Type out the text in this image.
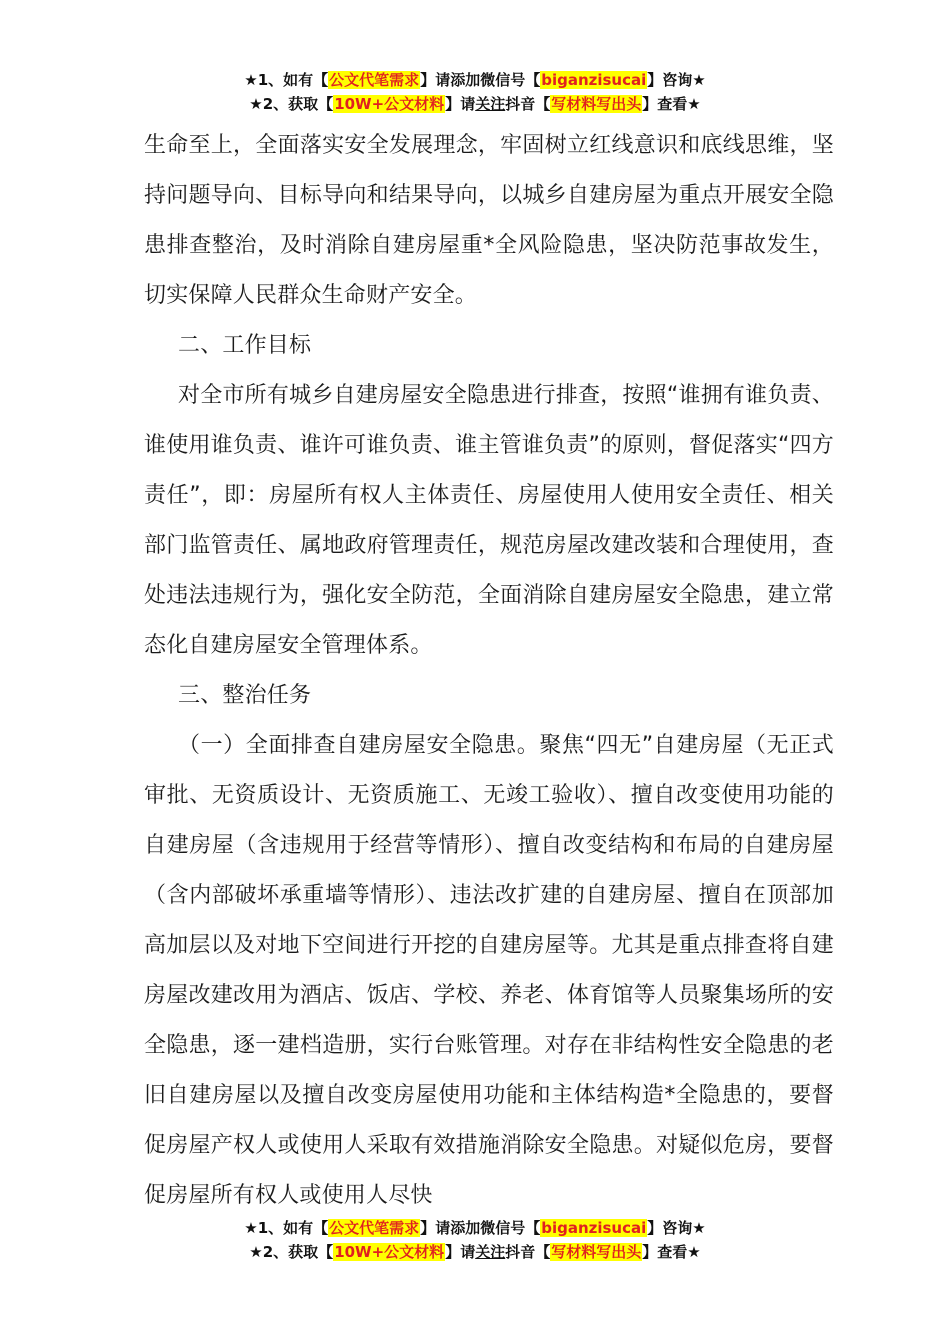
★1、如有【公文代笔需求】请添加微信号【biganzisucai】咨询★
★2、获取【10W+公文材料】请关注抖音【写材料写出头】查看★

生命至上，全面落实安全发展理念，牢固树立红线意识和底线思维，坚持问题导向、目标导向和结果导向，以城乡自建房屋为重点开展安全隐患排查整治，及时消除自建房屋重*全风险隐患，坚决防范事故发生，切实保障人民群众生命财产安全。

二、工作目标

对全市所有城乡自建房屋安全隐患进行排查，按照“谁拥有谁负责、谁使用谁负责、谁许可谁负责、谁主管谁负责”的原则，督促落实“四方责任”，即：房屋所有权人主体责任、房屋使用人使用安全责任、相关部门监管责任、属地政府管理责任，规范房屋改建改装和合理使用，查处违法违规行为，强化安全防范，全面消除自建房屋安全隐患，建立常态化自建房屋安全管理体系。

三、整治任务

（一）全面排查自建房屋安全隐患。聚焦“四无”自建房屋（无正式审批、无资质设计、无资质施工、无竣工验收）、擅自改变使用功能的自建房屋（含违规用于经营等情形）、擅自改变结构和布局的自建房屋（含内部破坏承重墙等情形）、违法改扩建的自建房屋、擅自在顶部加高加层以及对地下空间进行开挖的自建房屋等。尤其是重点排查将自建房屋改建改用为酒店、饭店、学校、养老、体育馆等人员聚集场所的安全隐患，逐一建档造册，实行台账管理。对存在非结构性安全隐患的老旧自建房屋以及擅自改变房屋使用功能和主体结构造*全隐患的，要督促房屋产权人或使用人采取有效措施消除安全隐患。对疑似危房，要督促房屋所有权人或使用人尽快

★1、如有【公文代笔需求】请添加微信号【biganzisucai】咨询★
★2、获取【10W+公文材料】请关注抖音【写材料写出头】查看★
